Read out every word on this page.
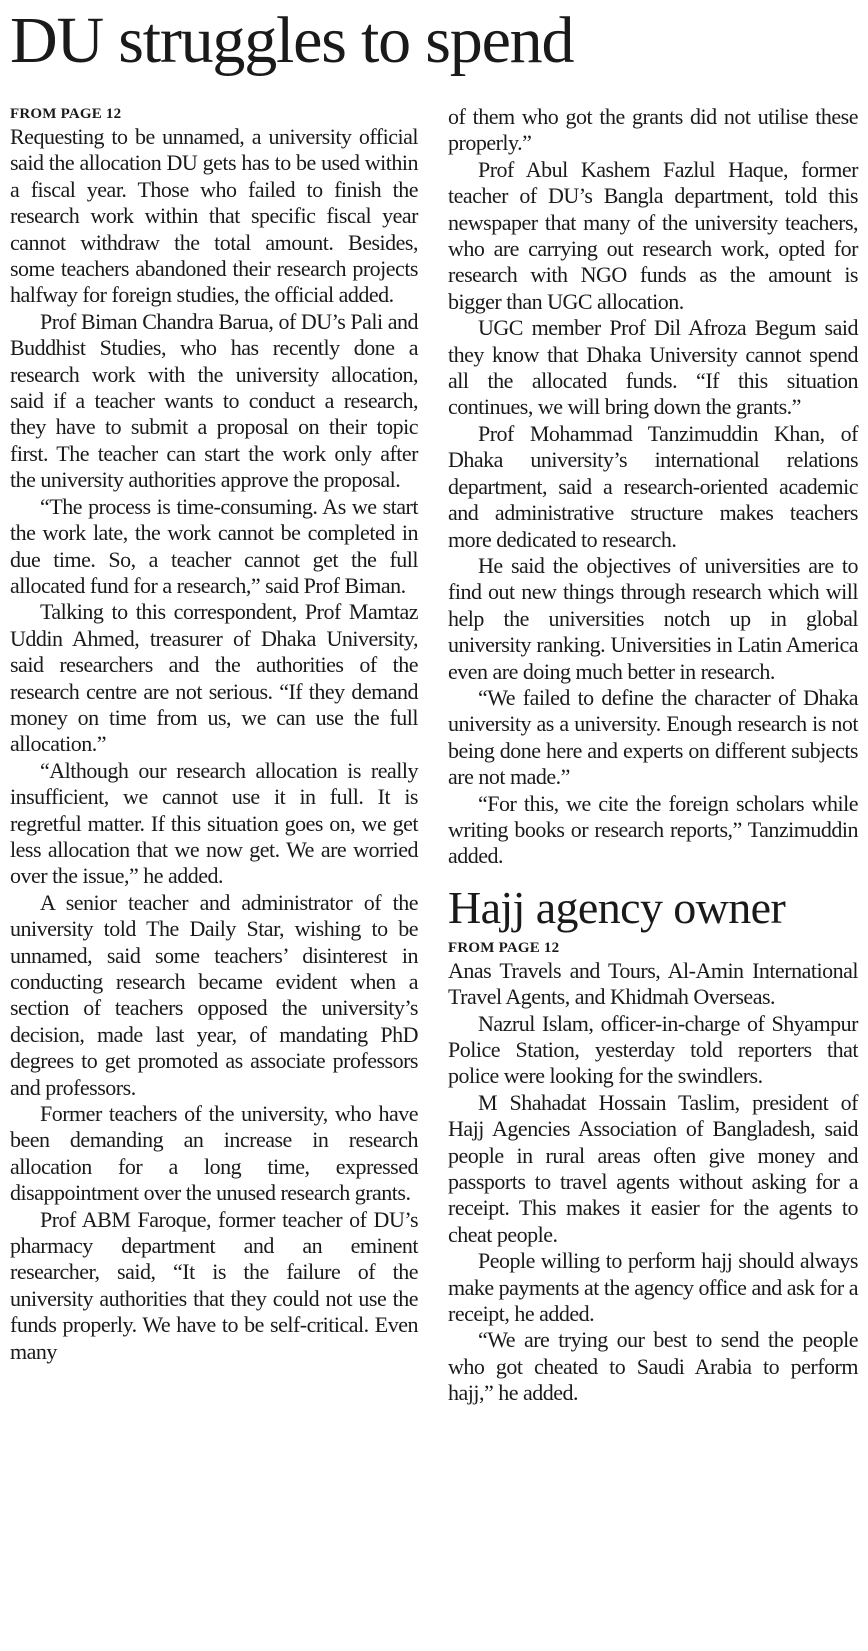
DU struggles to spend

FROM PAGE 12

Requesting to be unnamed, a university official said the allocation DU gets has to be used within a fiscal year. Those who failed to finish the research work within that specific fiscal year cannot withdraw the total amount. Besides, some teachers abandoned their research projects halfway for foreign studies, the official added.

Prof Biman Chandra Barua, of DU’s Pali and Buddhist Studies, who has recently done a research work with the university allocation, said if a teacher wants to conduct a research, they have to submit a proposal on their topic first. The teacher can start the work only after the university authorities approve the proposal.

“The process is time-consuming. As we start the work late, the work cannot be completed in due time. So, a teacher cannot get the full allocated fund for a research,” said Prof Biman.

Talking to this correspondent, Prof Mamtaz Uddin Ahmed, treasurer of Dhaka University, said researchers and the authorities of the research centre are not serious. “If they demand money on time from us, we can use the full allocation.”

“Although our research allocation is really insufficient, we cannot use it in full. It is regretful matter. If this situation goes on, we get less allocation that we now get. We are worried over the issue,” he added.

A senior teacher and administrator of the university told The Daily Star, wishing to be unnamed, said some teachers’ disinterest in conducting research became evident when a section of teachers opposed the university’s decision, made last year, of mandating PhD degrees to get promoted as associate professors and professors.

Former teachers of the university, who have been demanding an increase in research allocation for a long time, expressed disappointment over the unused research grants.

Prof ABM Faroque, former teacher of DU’s pharmacy department and an eminent researcher, said, “It is the failure of the university authorities that they could not use the funds properly. We have to be self-critical. Even many

of them who got the grants did not utilise these properly.”

Prof Abul Kashem Fazlul Haque, former teacher of DU’s Bangla department, told this newspaper that many of the university teachers, who are carrying out research work, opted for research with NGO funds as the amount is bigger than UGC allocation.

UGC member Prof Dil Afroza Begum said they know that Dhaka University cannot spend all the allocated funds. “If this situation continues, we will bring down the grants.”

Prof Mohammad Tanzimuddin Khan, of Dhaka university’s international relations department, said a research-oriented academic and administrative structure makes teachers more dedicated to research.

He said the objectives of universities are to find out new things through research which will help the universities notch up in global university ranking. Universities in Latin America even are doing much better in research.

“We failed to define the character of Dhaka university as a university. Enough research is not being done here and experts on different subjects are not made.”

“For this, we cite the foreign scholars while writing books or research reports,” Tanzimuddin added.

Hajj agency owner

FROM PAGE 12

Anas Travels and Tours, Al-Amin International Travel Agents, and Khidmah Overseas.

Nazrul Islam, officer-in-charge of Shyampur Police Station, yesterday told reporters that police were looking for the swindlers.

M Shahadat Hossain Taslim, president of Hajj Agencies Association of Bangladesh, said people in rural areas often give money and passports to travel agents without asking for a receipt. This makes it easier for the agents to cheat people.

People willing to perform hajj should always make payments at the agency office and ask for a receipt, he added.

“We are trying our best to send the people who got cheated to Saudi Arabia to perform hajj,” he added.
